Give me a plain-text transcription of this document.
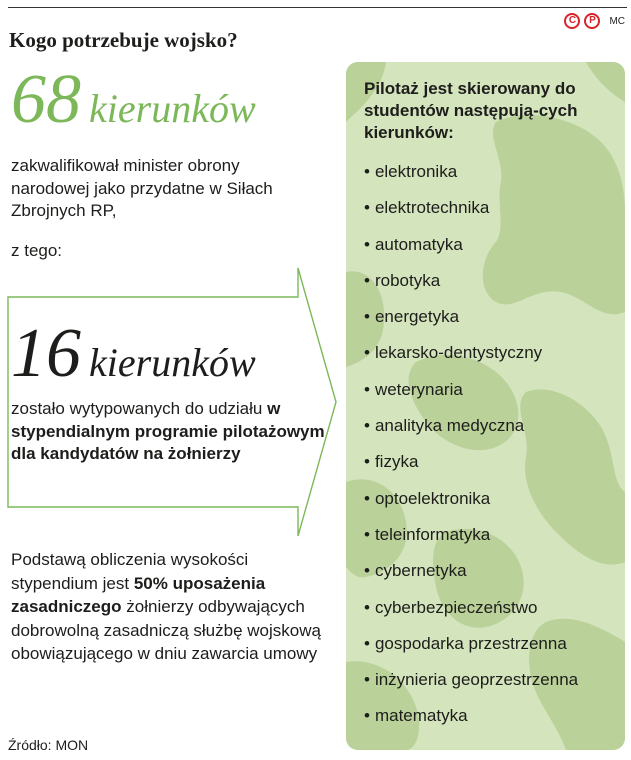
C	P	MC
Kogo potrzebuje wojsko?
68 kierunków
zakwalifikował minister obrony narodowej jako przydatne w Siłach Zbrojnych RP,
z tego:
16 kierunków
zostało wytypowanych do udziału w stypendialnym programie pilotażowym dla kandydatów na żołnierzy
Podstawą obliczenia wysokości stypendium jest 50% uposażenia zasadniczego żołnierzy odbywających dobrowolną zasadniczą służbę wojskową obowiązującego w dniu zawarcia umowy
Źródło: MON

Pilotaż jest skierowany do studentów następują-cych kierunków:

• elektronika
• elektrotechnika
• automatyka
• robotyka
• energetyka
• lekarsko-dentystyczny
• weterynaria
• analityka medyczna
• fizyka
• optoelektronika
• teleinformatyka
• cybernetyka
• cyberbezpieczeństwo
• gospodarka przestrzenna
• inżynieria geoprzestrzenna
• matematyka
